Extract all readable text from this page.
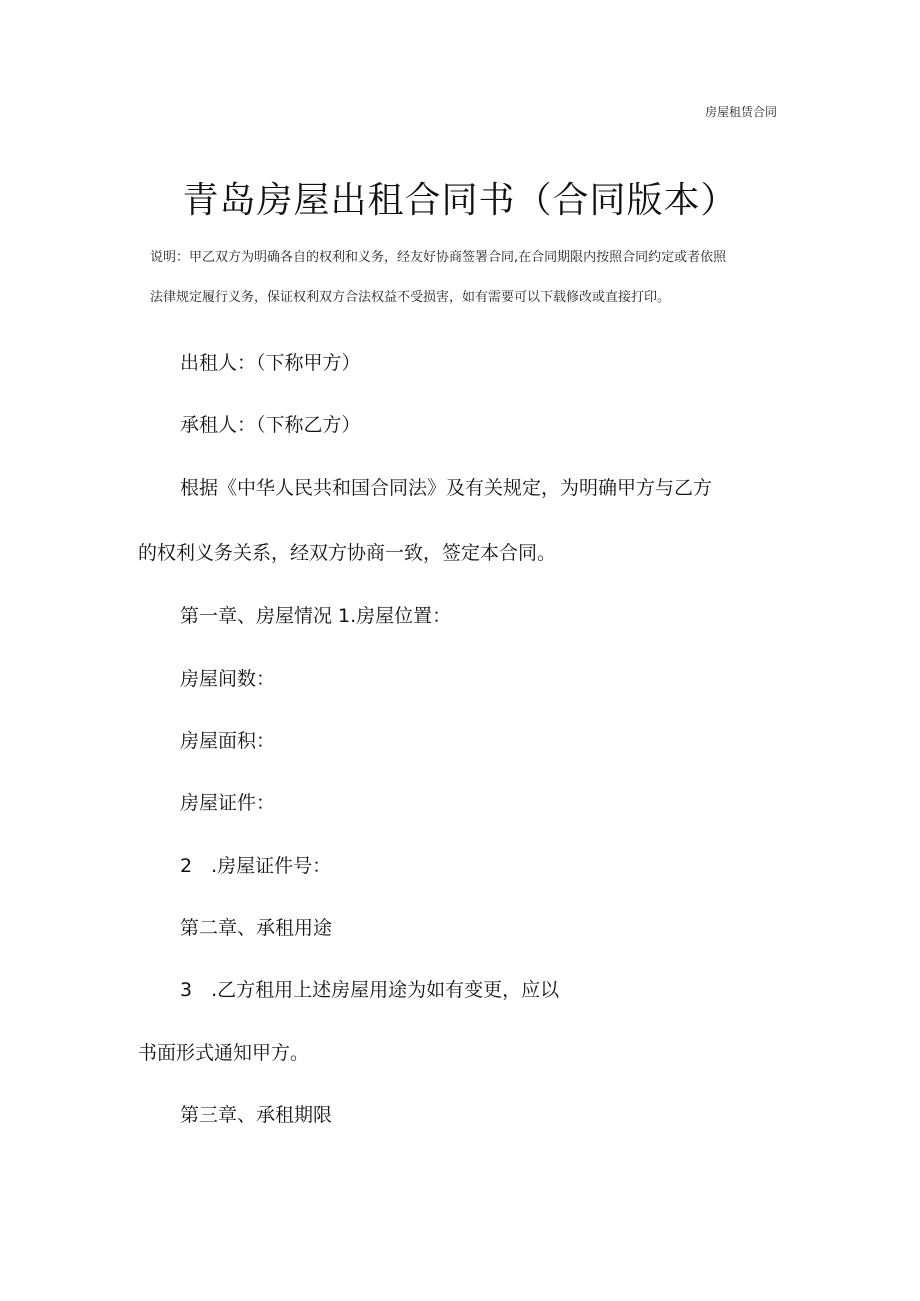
房屋租赁合同
青岛房屋出租合同书（合同版本）
说明：甲乙双方为明确各自的权利和义务，经友好协商签署合同,在合同期限内按照合同约定或者依照
法律规定履行义务，保证权利双方合法权益不受损害，如有需要可以下载修改或直接打印。
出租人：（下称甲方）
承租人：（下称乙方）
根据《中华人民共和国合同法》及有关规定，为明确甲方与乙方
的权利义务关系，经双方协商一致，签定本合同。
第一章、房屋情况 1.房屋位置：
房屋间数：
房屋面积：
房屋证件：
2　.房屋证件号：
第二章、承租用途
3　.乙方租用上述房屋用途为如有变更，应以
书面形式通知甲方。
第三章、承租期限
